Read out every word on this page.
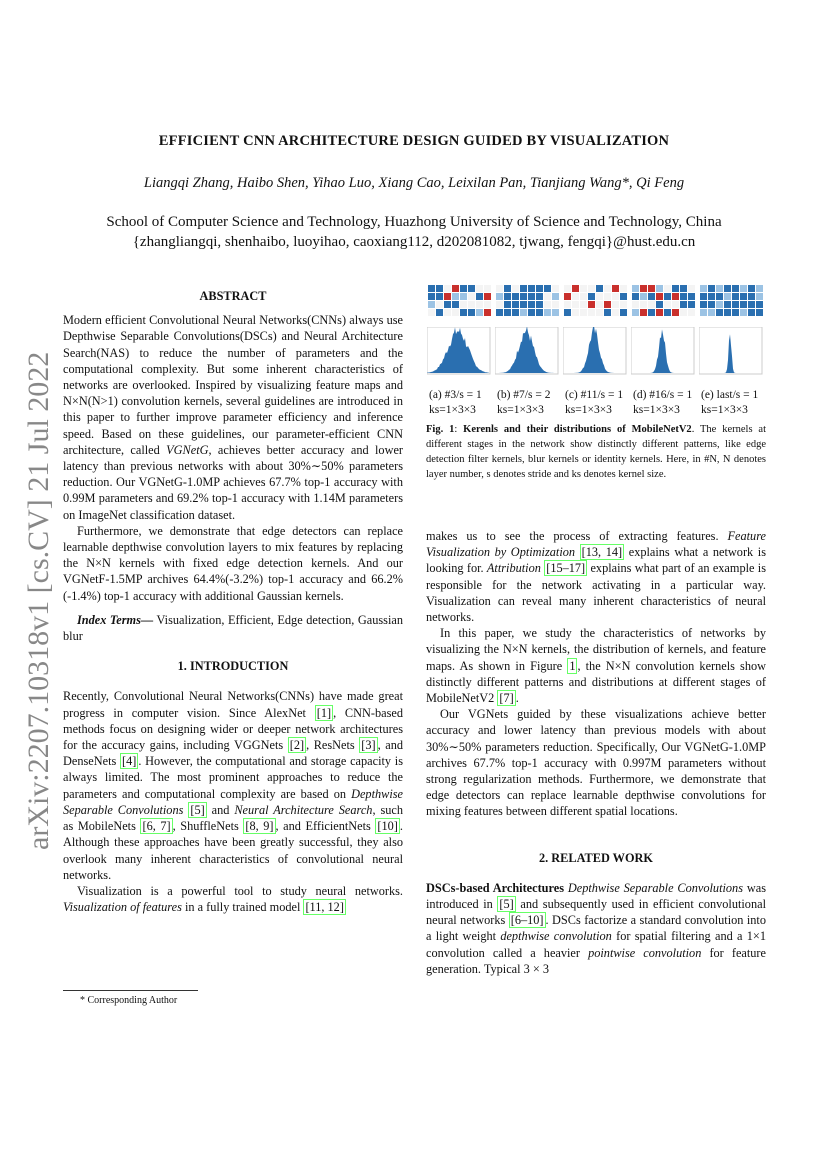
EFFICIENT CNN ARCHITECTURE DESIGN GUIDED BY VISUALIZATION
Liangqi Zhang, Haibo Shen, Yihao Luo, Xiang Cao, Leixilan Pan, Tianjiang Wang*, Qi Feng
School of Computer Science and Technology, Huazhong University of Science and Technology, China
{zhangliangqi, shenhaibo, luoyihao, caoxiang112, d202081082, tjwang, fengqi}@hust.edu.cn
arXiv:2207.10318v1 [cs.CV] 21 Jul 2022

ABSTRACT

Modern efficient Convolutional Neural Networks(CNNs) always use Depthwise Separable Convolutions(DSCs) and Neural Architecture Search(NAS) to reduce the number of parameters and the computational complexity. But some inherent characteristics of networks are overlooked. Inspired by visualizing feature maps and N×N(N>1) convolution kernels, several guidelines are introduced in this paper to further improve parameter efficiency and inference speed. Based on these guidelines, our parameter-efficient CNN architecture, called VGNetG, achieves better accuracy and lower latency than previous networks with about 30%∼50% parameters reduction. Our VGNetG-1.0MP achieves 67.7% top-1 accuracy with 0.99M parameters and 69.2% top-1 accuracy with 1.14M parameters on ImageNet classification dataset.

Furthermore, we demonstrate that edge detectors can replace learnable depthwise convolution layers to mix features by replacing the N×N kernels with fixed edge detection kernels. And our VGNetF-1.5MP archives 64.4%(-3.2%) top-1 accuracy and 66.2%(-1.4%) top-1 accuracy with additional Gaussian kernels.

Index Terms— Visualization, Efficient, Edge detection, Gaussian blur

1. INTRODUCTION

Recently, Convolutional Neural Networks(CNNs) have made great progress in computer vision. Since AlexNet [1] , CNN-based methods focus on designing wider or deeper network architectures for the accuracy gains, including VGGNets [2] , ResNets [3] , and DenseNets [4] . However, the computational and storage capacity is always limited. The most prominent approaches to reduce the parameters and computational complexity are based on Depthwise Separable Convolutions [5] and Neural Architecture Search, such as MobileNets [6, 7] , ShuffleNets [8, 9] , and EfficientNets [10] . Although these approaches have been greatly successful, they also overlook many inherent characteristics of convolutional neural networks.

Visualization is a powerful tool to study neural networks. Visualization of features in a fully trained model [11, 12]

* Corresponding Author
(a) #3/s = 1
ks=1×3×3
(b) #7/s = 2
ks=1×3×3
(c) #11/s = 1
ks=1×3×3
(d) #16/s = 1
ks=1×3×3
(e) last/s = 1
ks=1×3×3
Fig. 1: Kerenls and their distributions of MobileNetV2. The kernels at different stages in the network show distinctly different patterns, like edge detection filter kernels, blur kernels or identity kernels. Here, in #N, N denotes layer number, s denotes stride and ks denotes kernel size.

makes us to see the process of extracting features. Feature Visualization by Optimization [13, 14] explains what a network is looking for. Attribution [15–17] explains what part of an example is responsible for the network activating in a particular way. Visualization can reveal many inherent characteristics of neural networks.

In this paper, we study the characteristics of networks by visualizing the N×N kernels, the distribution of kernels, and feature maps. As shown in Figure 1 , the N×N convolution kernels show distinctly different patterns and distributions at different stages of MobileNetV2 [7] .

Our VGNets guided by these visualizations achieve better accuracy and lower latency than previous models with about 30%∼50% parameters reduction. Specifically, Our VGNetG-1.0MP archives 67.7% top-1 accuracy with 0.997M parameters without strong regularization methods. Furthermore, we demonstrate that edge detectors can replace learnable depthwise convolutions for mixing features between different spatial locations.

2. RELATED WORK

DSCs-based Architectures Depthwise Separable Convolutions was introduced in [5] and subsequently used in efficient convolutional neural networks [6–10] . DSCs factorize a standard convolution into a light weight depthwise convolution for spatial filtering and a 1×1 convolution called a heavier pointwise convolution for feature generation. Typical 3 × 3
